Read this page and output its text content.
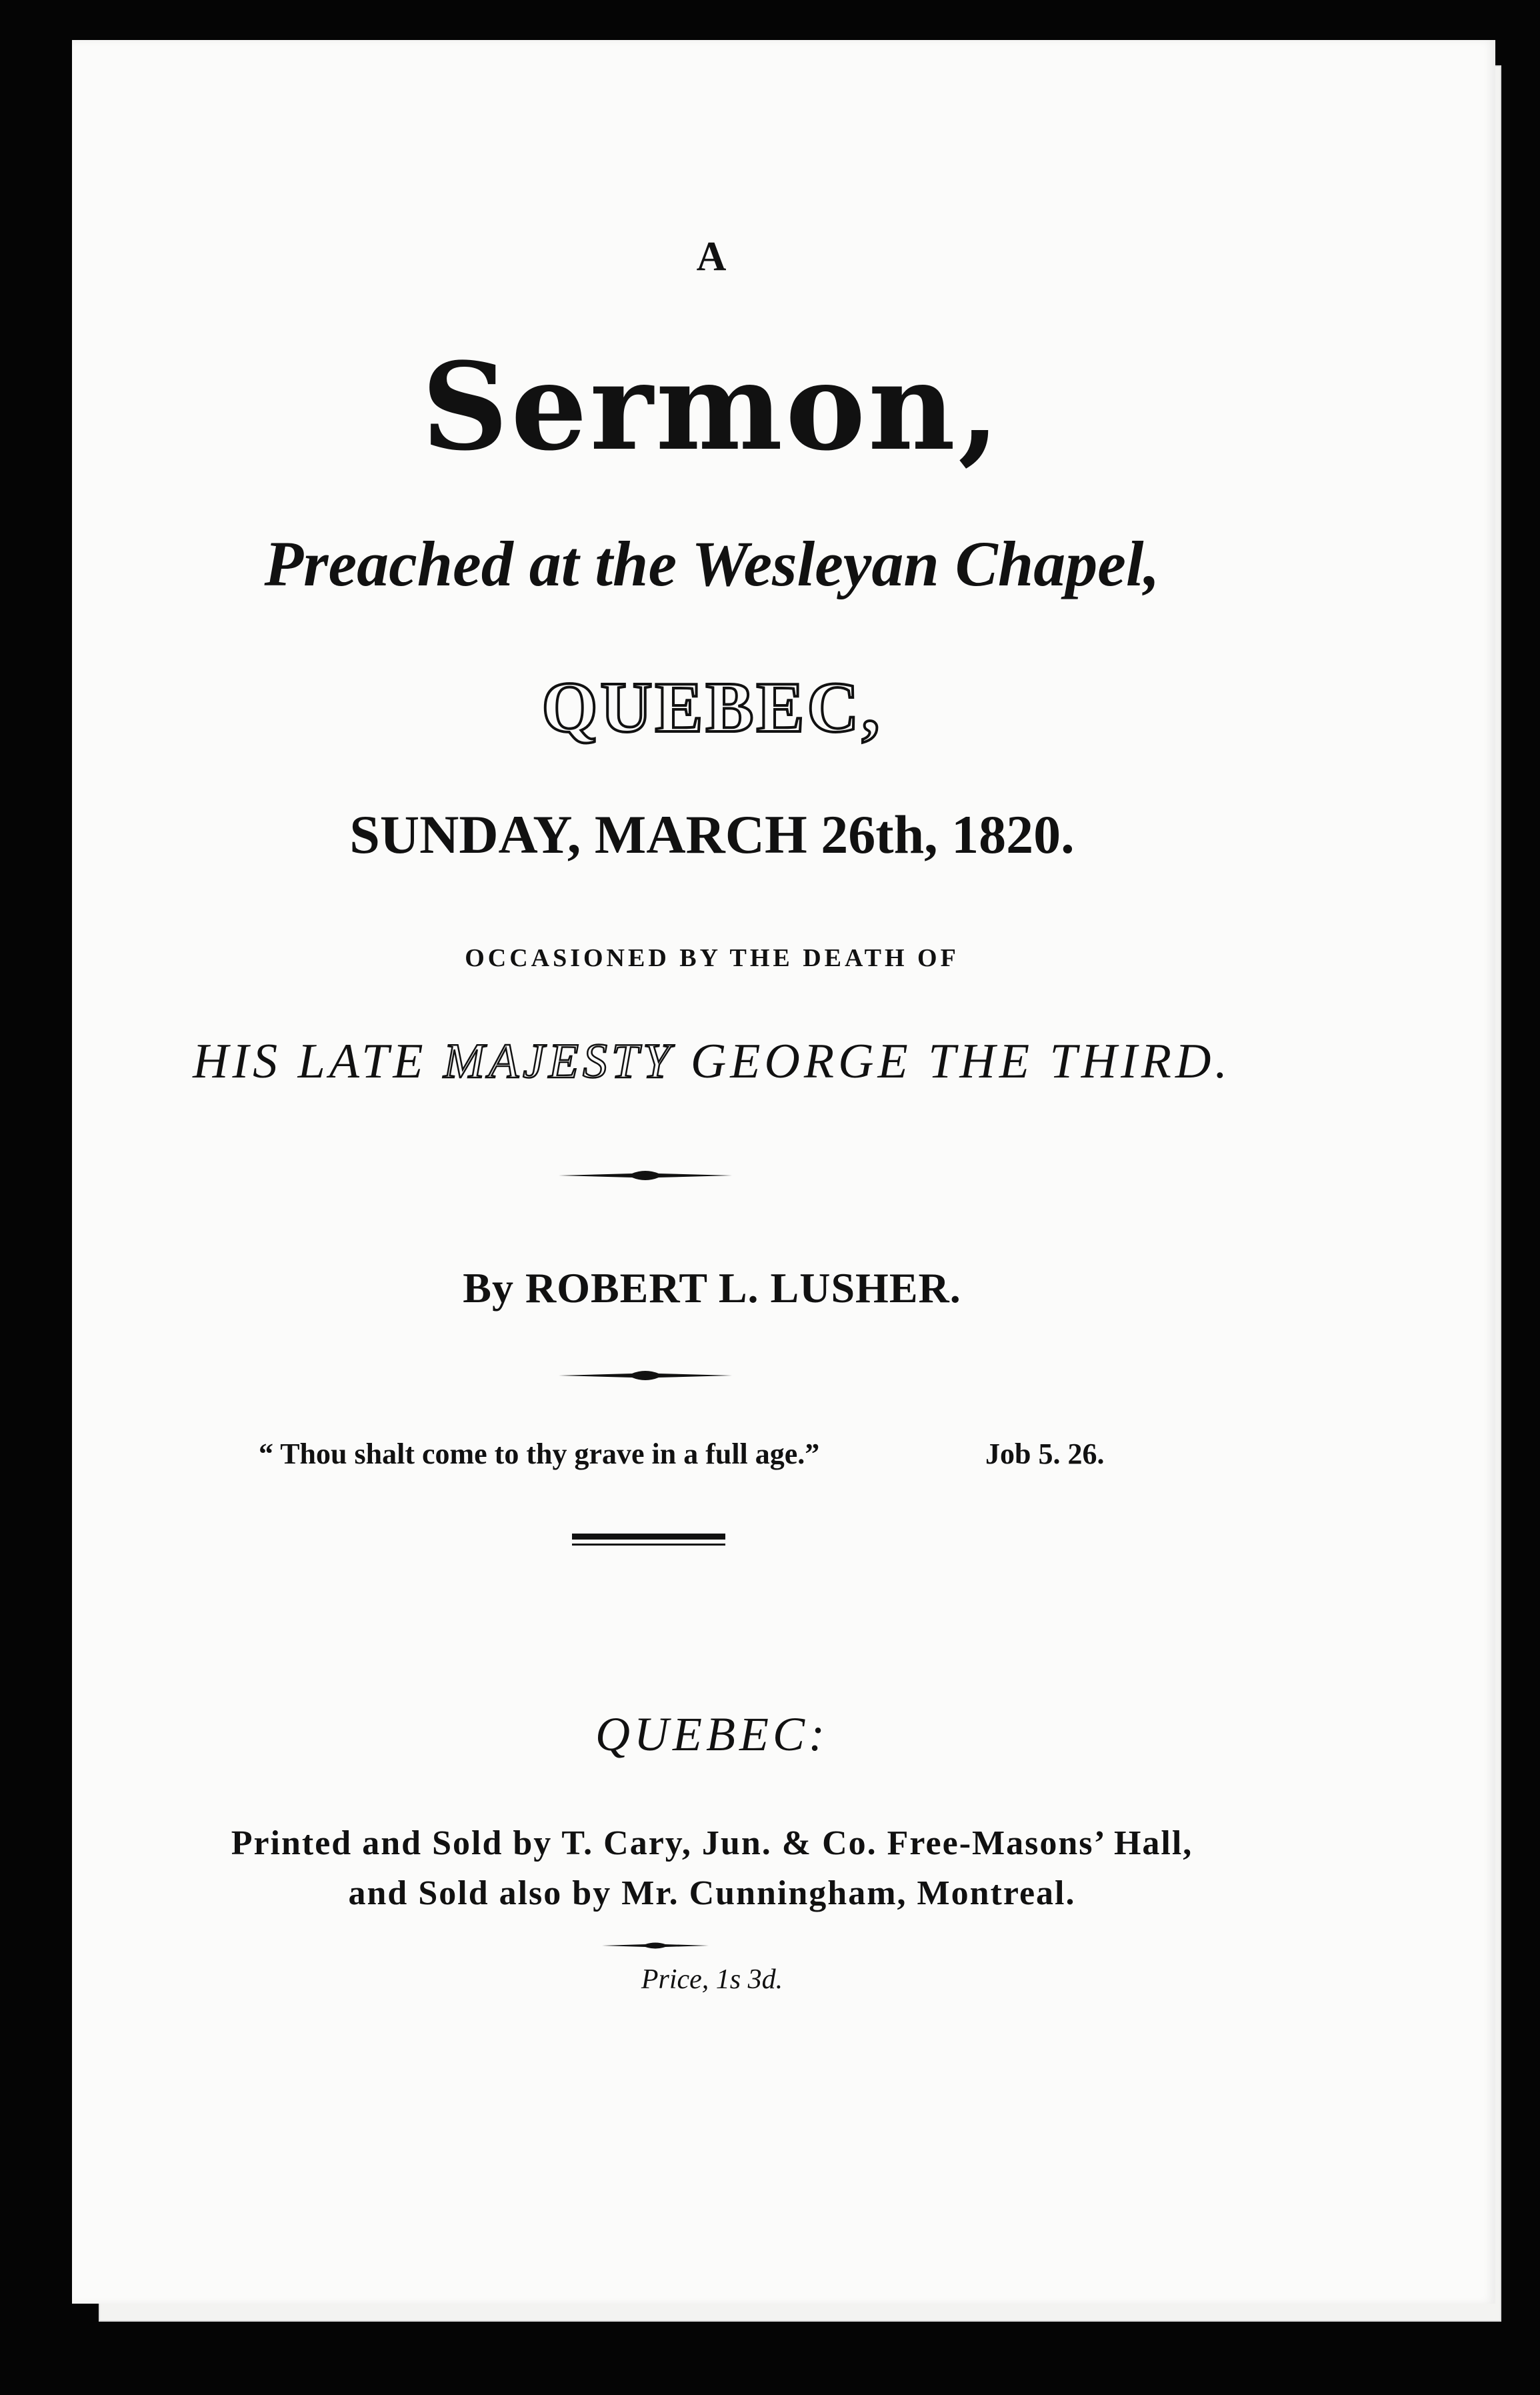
A
Sermon,
Preached at the Wesleyan Chapel,
QUEBEC,
SUNDAY, MARCH 26th, 1820.
OCCASIONED BY THE DEATH OF
HIS LATE MAJESTY GEORGE THE THIRD.
By ROBERT L. LUSHER.
“ Thou shalt come to thy grave in a full age.”	Job 5. 26.
QUEBEC:
Printed and Sold by T. Cary, Jun. & Co. Free-Masons’ Hall,
and Sold also by Mr. Cunningham, Montreal.
Price, 1s 3d.
